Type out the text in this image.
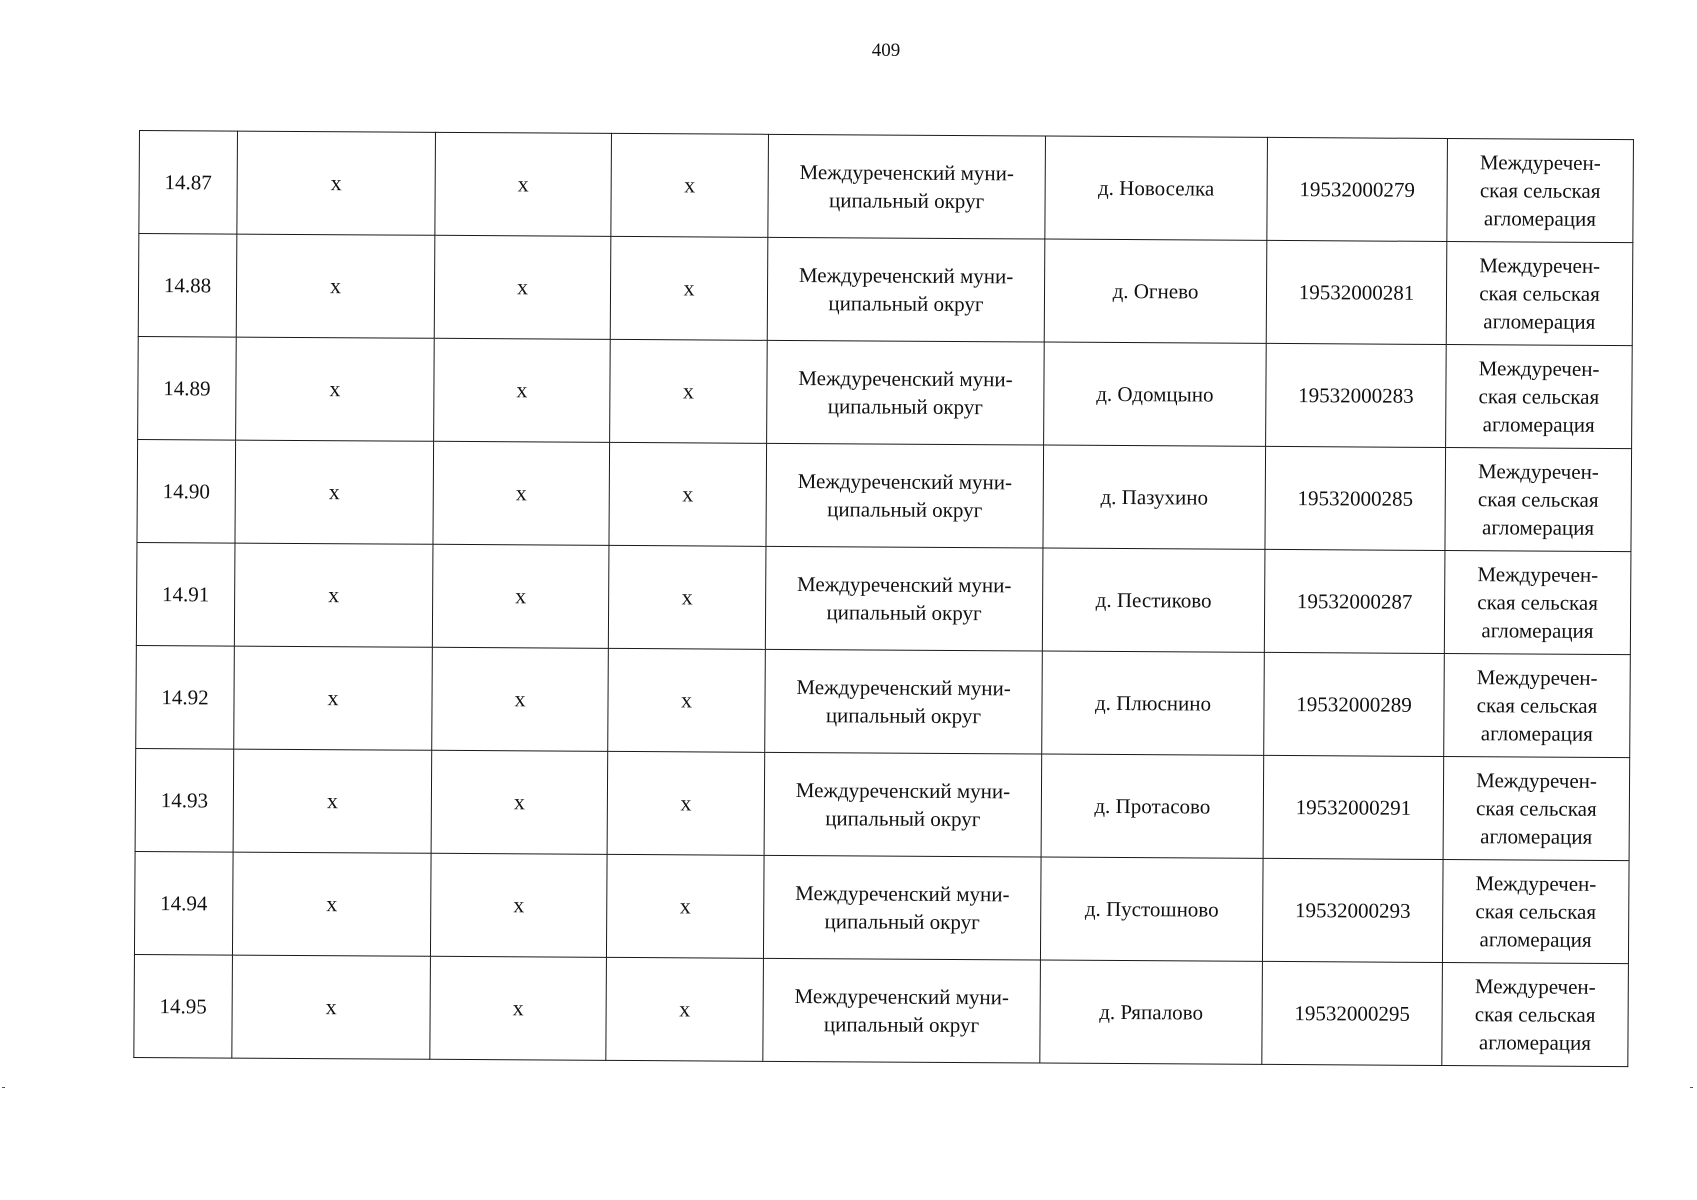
409
14.87	x	x	x	Междуреченский муни-
ципальный округ	д. Новоселка	19532000279	Междуречен-
ская сельская
агломерация
14.88	x	x	x	Междуреченский муни-
ципальный округ	д. Огнево	19532000281	Междуречен-
ская сельская
агломерация
14.89	x	x	x	Междуреченский муни-
ципальный округ	д. Одомцыно	19532000283	Междуречен-
ская сельская
агломерация
14.90	x	x	x	Междуреченский муни-
ципальный округ	д. Пазухино	19532000285	Междуречен-
ская сельская
агломерация
14.91	x	x	x	Междуреченский муни-
ципальный округ	д. Пестиково	19532000287	Междуречен-
ская сельская
агломерация
14.92	x	x	x	Междуреченский муни-
ципальный округ	д. Плюснино	19532000289	Междуречен-
ская сельская
агломерация
14.93	x	x	x	Междуреченский муни-
ципальный округ	д. Протасово	19532000291	Междуречен-
ская сельская
агломерация
14.94	x	x	x	Междуреченский муни-
ципальный округ	д. Пустошново	19532000293	Междуречен-
ская сельская
агломерация
14.95	x	x	x	Междуреченский муни-
ципальный округ	д. Ряпалово	19532000295	Междуречен-
ская сельская
агломерация
